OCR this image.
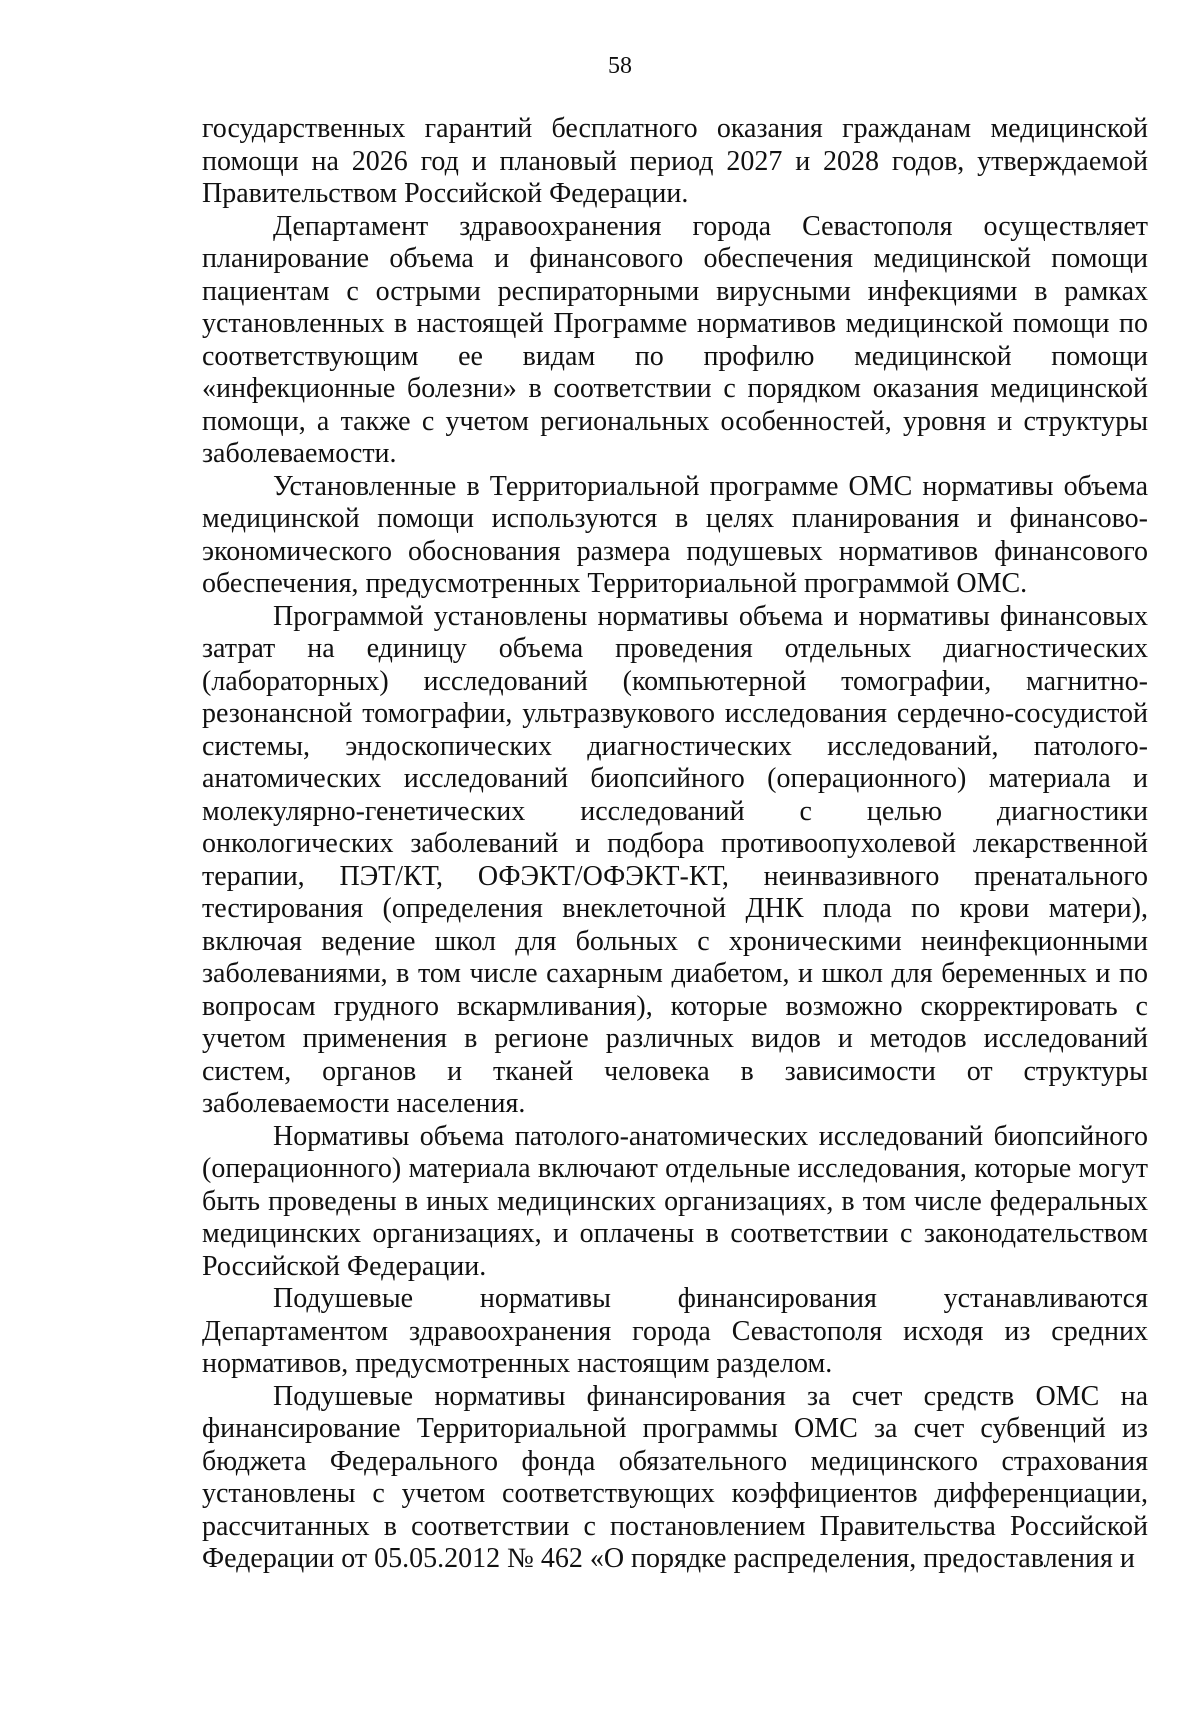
58

государственных гарантий бесплатного оказания гражданам медицинской помощи на 2026 год и плановый период 2027 и 2028 годов, утверждаемой Правительством Российской Федерации.

Департамент здравоохранения города Севастополя осуществляет планирование объема и финансового обеспечения медицинской помощи пациентам с острыми респираторными вирусными инфекциями в рамках установленных в настоящей Программе нормативов медицинской помощи по соответствующим ее видам по профилю медицинской помощи «инфекционные болезни» в соответствии с порядком оказания медицинской помощи, а также с учетом региональных особенностей, уровня и структуры заболеваемости.

Установленные в Территориальной программе ОМС нормативы объема медицинской помощи используются в целях планирования и финансово-экономического обоснования размера подушевых нормативов финансового обеспечения, предусмотренных Территориальной программой ОМС.

Программой установлены нормативы объема и нормативы финансовых затрат на единицу объема проведения отдельных диагностических (лабораторных) исследований (компьютерной томографии, магнитно-резонансной томографии, ультразвукового исследования сердечно-сосудистой системы, эндоскопических диагностических исследований, патолого-анатомических исследований биопсийного (операционного) материала и молекулярно-генетических исследований с целью диагностики онкологических заболеваний и подбора противоопухолевой лекарственной терапии, ПЭТ/КТ, ОФЭКТ/ОФЭКТ-КТ, неинвазивного пренатального тестирования (определения внеклеточной ДНК плода по крови матери), включая ведение школ для больных с хроническими неинфекционными заболеваниями, в том числе сахарным диабетом, и школ для беременных и по вопросам грудного вскармливания), которые возможно скорректировать с учетом применения в регионе различных видов и методов исследований систем, органов и тканей человека в зависимости от структуры заболеваемости населения.

Нормативы объема патолого-анатомических исследований биопсийного (операционного) материала включают отдельные исследования, которые могут быть проведены в иных медицинских организациях, в том числе федеральных медицинских организациях, и оплачены в соответствии с законодательством Российской Федерации.

Подушевые нормативы финансирования устанавливаются Департаментом здравоохранения города Севастополя исходя из средних нормативов, предусмотренных настоящим разделом.

Подушевые нормативы финансирования за счет средств ОМС на финансирование Территориальной программы ОМС за счет субвенций из бюджета Федерального фонда обязательного медицинского страхования установлены с учетом соответствующих коэффициентов дифференциации, рассчитанных в соответствии с постановлением Правительства Российской Федерации от 05.05.2012 № 462 «О порядке распределения, предоставления и
